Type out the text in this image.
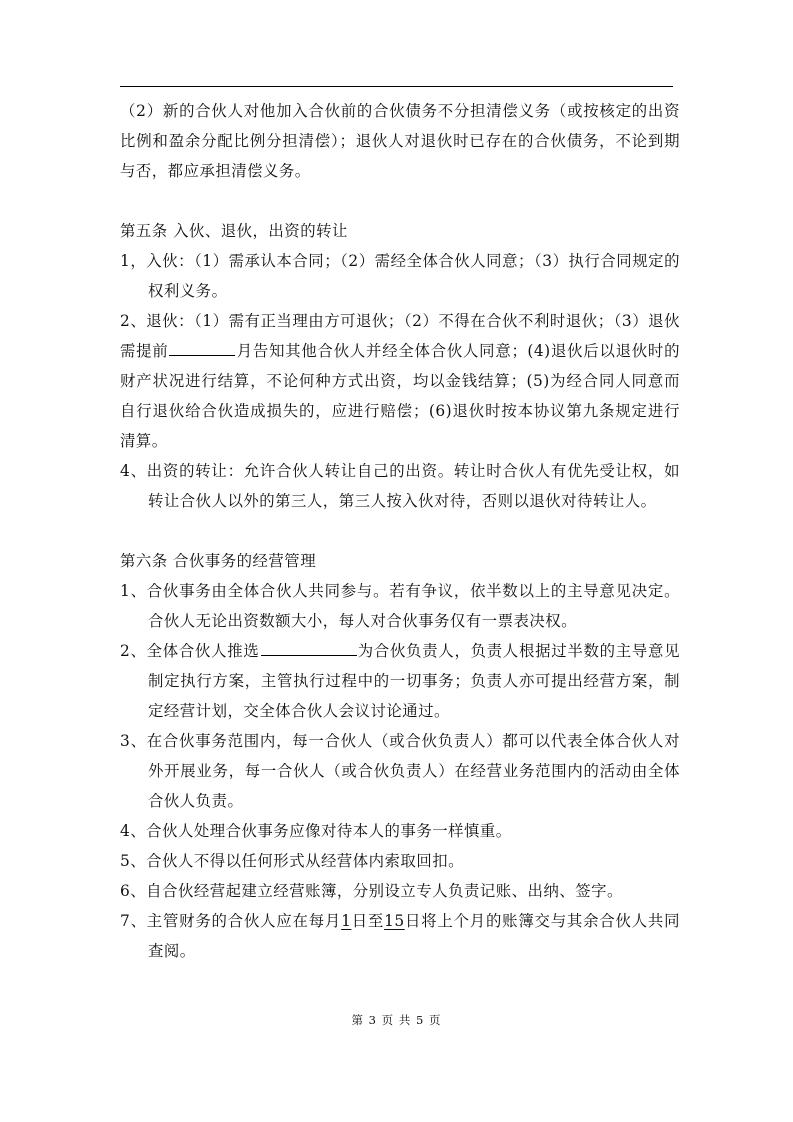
（2）新的合伙人对他加入合伙前的合伙债务不分担清偿义务（或按核定的出资比例和盈余分配比例分担清偿）；退伙人对退伙时已存在的合伙债务，不论到期与否，都应承担清偿义务。

第五条 入伙、退伙，出资的转让

1，入伙：（1）需承认本合同；（2）需经全体合伙人同意；（3）执行合同规定的权利义务。

2、退伙：（1）需有正当理由方可退伙；（2）不得在合伙不利时退伙；（3）退伙需提前	月告知其他合伙人并经全体合伙人同意；(4)退伙后以退伙时的财产状况进行结算，不论何种方式出资，均以金钱结算；(5)为经合同人同意而自行退伙给合伙造成损失的，应进行赔偿；(6)退伙时按本协议第九条规定进行清算。

4、出资的转让：允许合伙人转让自己的出资。转让时合伙人有优先受让权，如转让合伙人以外的第三人，第三人按入伙对待，否则以退伙对待转让人。

第六条 合伙事务的经营管理

1、合伙事务由全体合伙人共同参与。若有争议，依半数以上的主导意见决定。合伙人无论出资数额大小，每人对合伙事务仅有一票表决权。

2、全体合伙人推选	为合伙负责人，负责人根据过半数的主导意见制定执行方案，主管执行过程中的一切事务；负责人亦可提出经营方案，制定经营计划，交全体合伙人会议讨论通过。

3、在合伙事务范围内，每一合伙人（或合伙负责人）都可以代表全体合伙人对外开展业务，每一合伙人（或合伙负责人）在经营业务范围内的活动由全体合伙人负责。

4、合伙人处理合伙事务应像对待本人的事务一样慎重。

5、合伙人不得以任何形式从经营体内索取回扣。

6、自合伙经营起建立经营账簿，分别设立专人负责记账、出纳、签字。

7、主管财务的合伙人应在每月1日至15日将上个月的账簿交与其余合伙人共同查阅。

第 3 页 共 5 页
